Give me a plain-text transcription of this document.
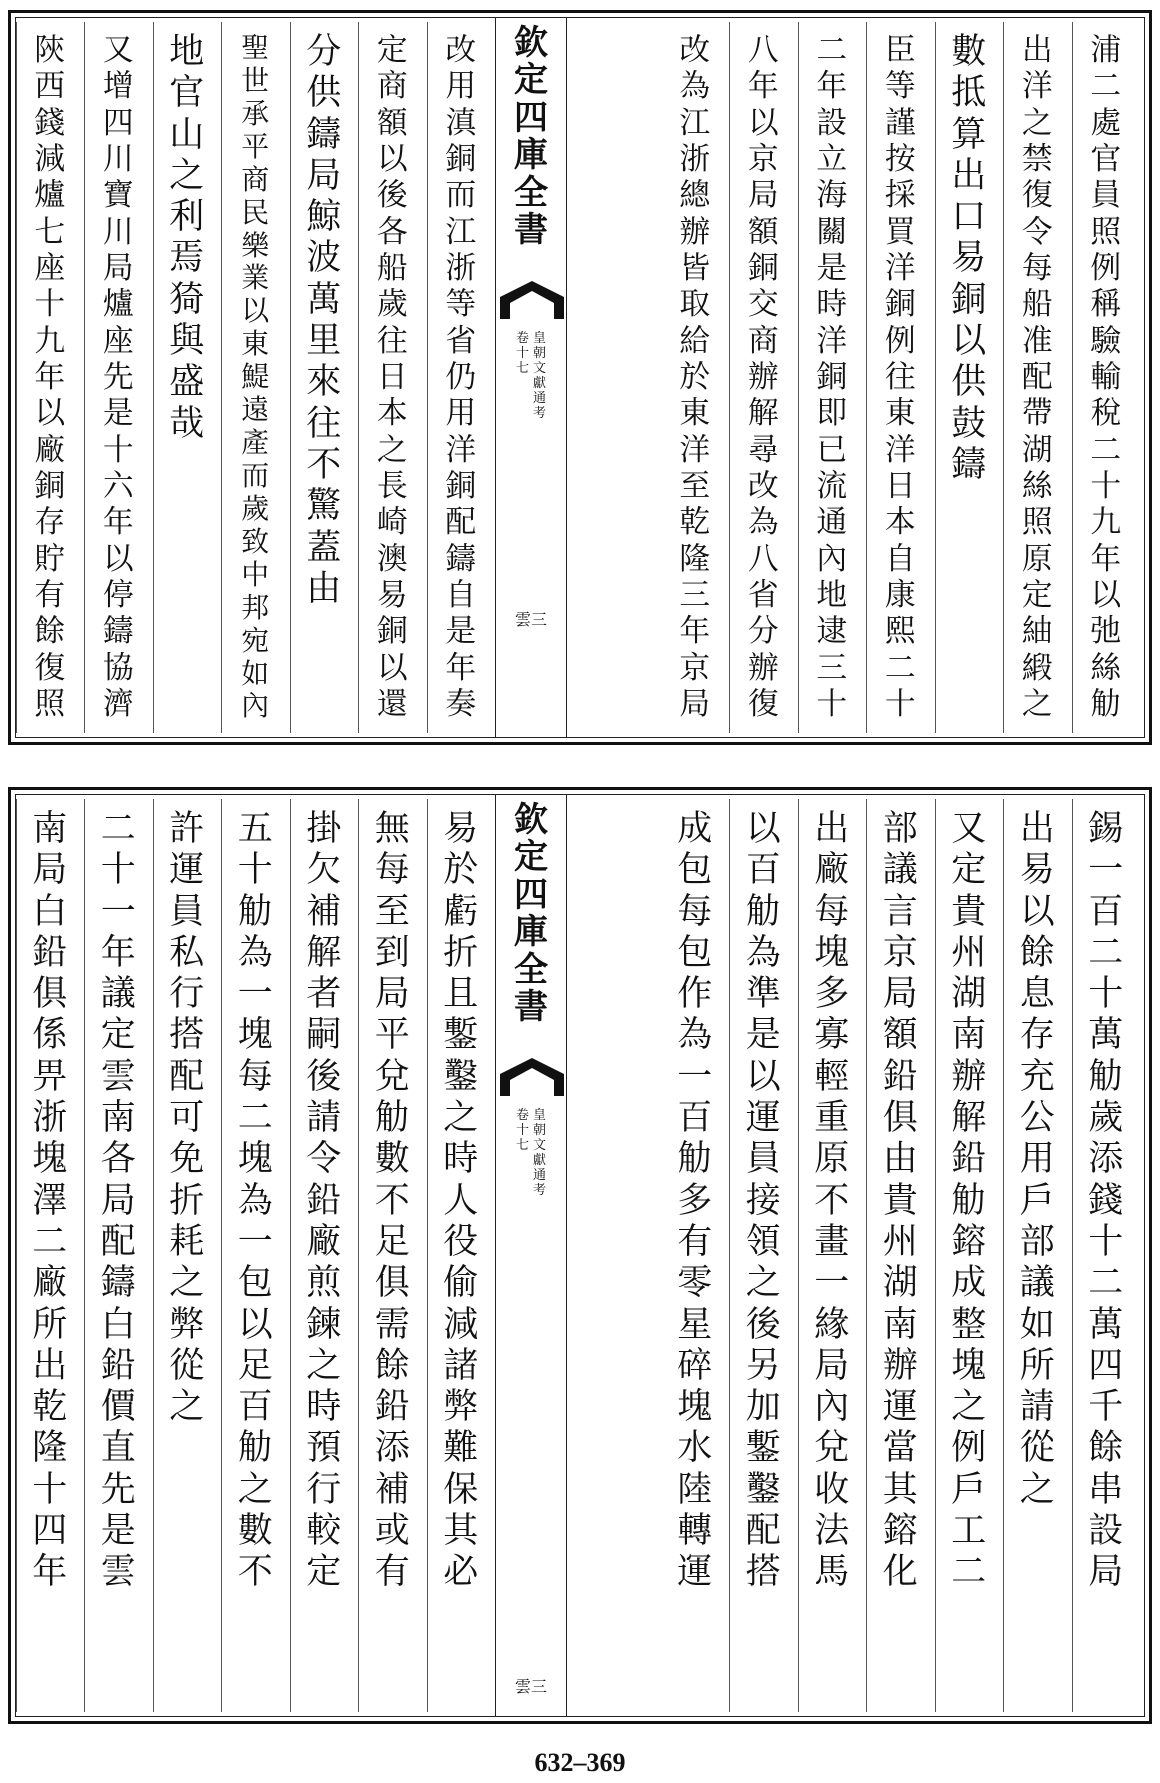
欽
定
四
庫
全
書
卷
十
七
皇
朝
文
獻
通
考
雲三
浦
二
處
官
員
照
例
稱
驗
輸
稅
二
十
九
年
以
弛
絲
觔
出
洋
之
禁
復
令
每
船
准
配
帶
湖
絲
照
原
定
紬
緞
之
數
抵
算
出
口
易
銅
以
供
鼓
鑄
臣
等
謹
按
採
買
洋
銅
例
往
東
洋
日
本
自
康
熙
二
十
二
年
設
立
海
關
是
時
洋
銅
即
已
流
通
內
地
逮
三
十
八
年
以
京
局
額
銅
交
商
辦
解
尋
改
為
八
省
分
辦
復
改
為
江
浙
總
辦
皆
取
給
於
東
洋
至
乾
隆
三
年
京
局
改
用
滇
銅
而
江
浙
等
省
仍
用
洋
銅
配
鑄
自
是
年
奏
定
商
額
以
後
各
船
歲
往
日
本
之
長
崎
澳
易
銅
以
還
分
供
鑄
局
鯨
波
萬
里
來
往
不
驚
蓋
由
聖
世
承
平
商
民
樂
業
以
東
鯷
遠
產
而
歲
致
中
邦
宛
如
內
地
官
山
之
利
焉
猗
與
盛
哉
又
增
四
川
寶
川
局
爐
座
先
是
十
六
年
以
停
鑄
協
濟
陝
西
錢
減
爐
七
座
十
九
年
以
廠
銅
存
貯
有
餘
復
照
欽
定
四
庫
全
書
卷
十
七
皇
朝
文
獻
通
考
雲三
錫
一
百
二
十
萬
觔
歲
添
錢
十
二
萬
四
千
餘
串
設
局
出
易
以
餘
息
存
充
公
用
戶
部
議
如
所
請
從
之
又
定
貴
州
湖
南
辦
解
鉛
觔
鎔
成
整
塊
之
例
戶
工
二
部
議
言
京
局
額
鉛
俱
由
貴
州
湖
南
辦
運
當
其
鎔
化
出
廠
每
塊
多
寡
輕
重
原
不
畫
一
緣
局
內
兌
收
法
馬
以
百
觔
為
準
是
以
運
員
接
領
之
後
另
加
鏨
鑿
配
搭
成
包
每
包
作
為
一
百
觔
多
有
零
星
碎
塊
水
陸
轉
運
易
於
虧
折
且
鏨
鑿
之
時
人
役
偷
減
諸
弊
難
保
其
必
無
每
至
到
局
平
兌
觔
數
不
足
俱
需
餘
鉛
添
補
或
有
掛
欠
補
解
者
嗣
後
請
令
鉛
廠
煎
鍊
之
時
預
行
較
定
五
十
觔
為
一
塊
每
二
塊
為
一
包
以
足
百
觔
之
數
不
許
運
員
私
行
搭
配
可
免
折
耗
之
弊
從
之
二
十
一
年
議
定
雲
南
各
局
配
鑄
白
鉛
價
直
先
是
雲
南
局
白
鉛
俱
係
畀
浙
塊
澤
二
廠
所
出
乾
隆
十
四
年
632–369
